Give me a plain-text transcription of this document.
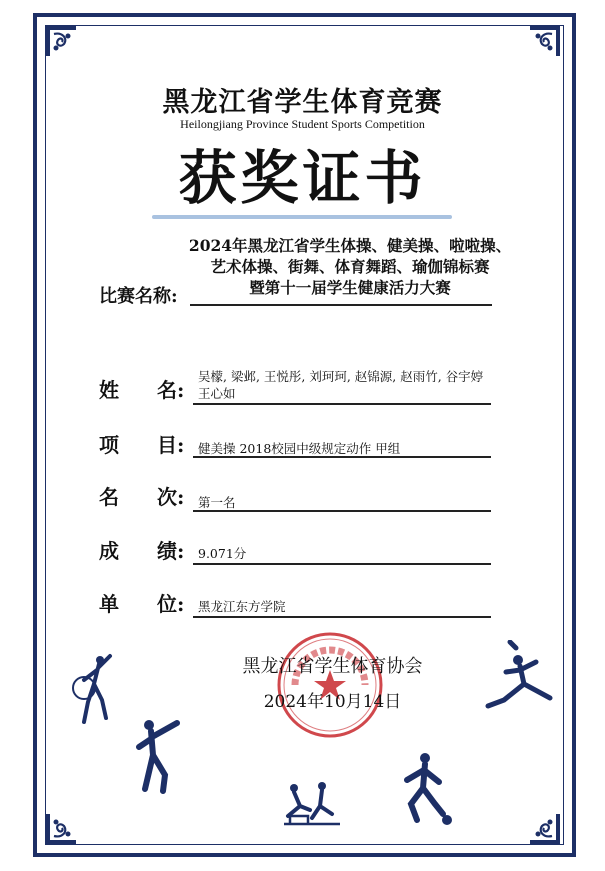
黑龙江省学生体育竞赛
Heilongjiang Province Student Sports Competition
获奖证书
2024年黑龙江省学生体操、健美操、啦啦操、
艺术体操、街舞、体育舞蹈、瑜伽锦标赛
暨第十一届学生健康活力大赛
比赛名称:
姓 名:
吴檬, 梁邺, 王悦彤, 刘珂珂, 赵锦源, 赵雨竹, 谷宇婷
王心如
项 目: 健美操 2018校园中级规定动作 甲组
名 次: 第一名
成 绩: 9.071分
单 位: 黑龙江东方学院
黑龙江省学生体育协会
2024年10月14日
